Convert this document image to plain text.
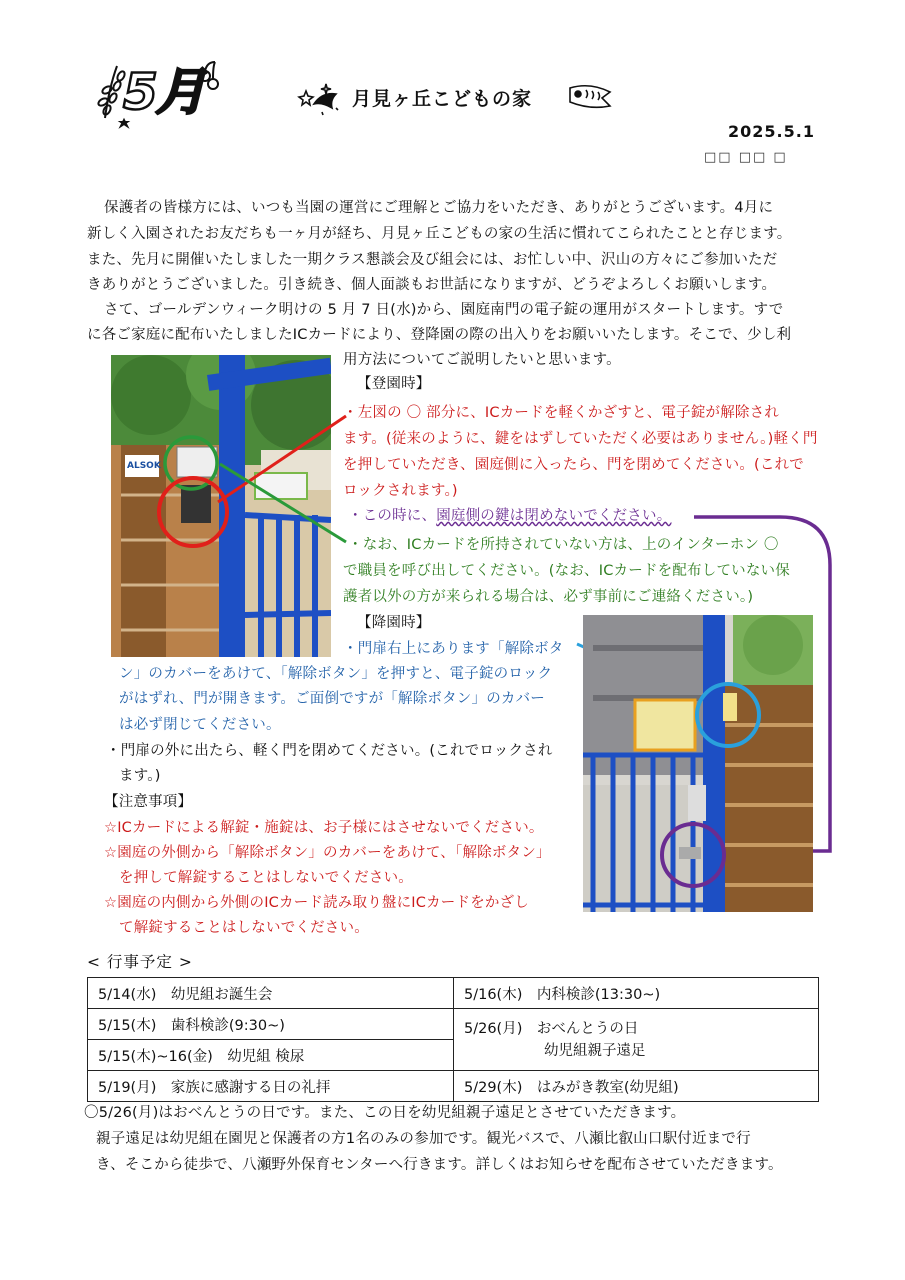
5月	月見ヶ丘こどもの家
2025.5.1
□□ □□ □
保護者の皆様方には、いつも当園の運営にご理解とご協力をいただき、ありがとうございます。4月に
新しく入園されたお友だちも一ヶ月が経ち、月見ヶ丘こどもの家の生活に慣れてこられたことと存じます。
また、先月に開催いたしました一期クラス懇談会及び組会には、お忙しい中、沢山の方々にご参加いただ
きありがとうございました。引き続き、個人面談もお世話になりますが、どうぞよろしくお願いします。
さて、ゴールデンウィーク明けの 5 月 7 日(水)から、園庭南門の電子錠の運用がスタートします。すで
に各ご家庭に配布いたしましたICカードにより、登降園の際の出入りをお願いいたします。そこで、少し利
用方法についてご説明したいと思います。
ALSOK
【登園時】
・左図の 〇 部分に、ICカードを軽くかざすと、電子錠が解除され
ます。(従来のように、鍵をはずしていただく必要はありません。)軽く門
を押していただき、園庭側に入ったら、門を閉めてください。(これで
ロックされます。)
・この時に、園庭側の鍵は閉めないでください。
・なお、ICカードを所持されていない方は、上のインターホン 〇
で職員を呼び出してください。(なお、ICカードを配布していない保
護者以外の方が来られる場合は、必ず事前にご連絡ください。)
【降園時】
・門扉右上にあります「解除ボタ
ン」のカバーをあけて、「解除ボタン」を押すと、電子錠のロック
がはずれ、門が開きます。ご面倒ですが「解除ボタン」のカバー
は必ず閉じてください。
・門扉の外に出たら、軽く門を閉めてください。(これでロックされ
ます。)
【注意事項】
☆ICカードによる解錠・施錠は、お子様にはさせないでください。
☆園庭の外側から「解除ボタン」のカバーをあけて、「解除ボタン」
を押して解錠することはしないでください。
☆園庭の内側から外側のICカード読み取り盤にICカードをかざし
て解錠することはしないでください。
< 行事予定 >
5/14(水)　幼児組お誕生会	5/16(木)　内科検診(13:30~)
5/15(木)　歯科検診(9:30~)	5/26(月)　おべんとうの日
幼児組親子遠足

5/15(木)~16(金)　幼児組 検尿	
5/19(月)　家族に感謝する日の礼拝	5/29(木)　はみがき教室(幼児組)
〇5/26(月)はおべんとうの日です。また、この日を幼児組親子遠足とさせていただきます。
親子遠足は幼児組在園児と保護者の方1名のみの参加です。観光バスで、八瀬比叡山口駅付近まで行
き、そこから徒歩で、八瀬野外保育センターへ行きます。詳しくはお知らせを配布させていただきます。
